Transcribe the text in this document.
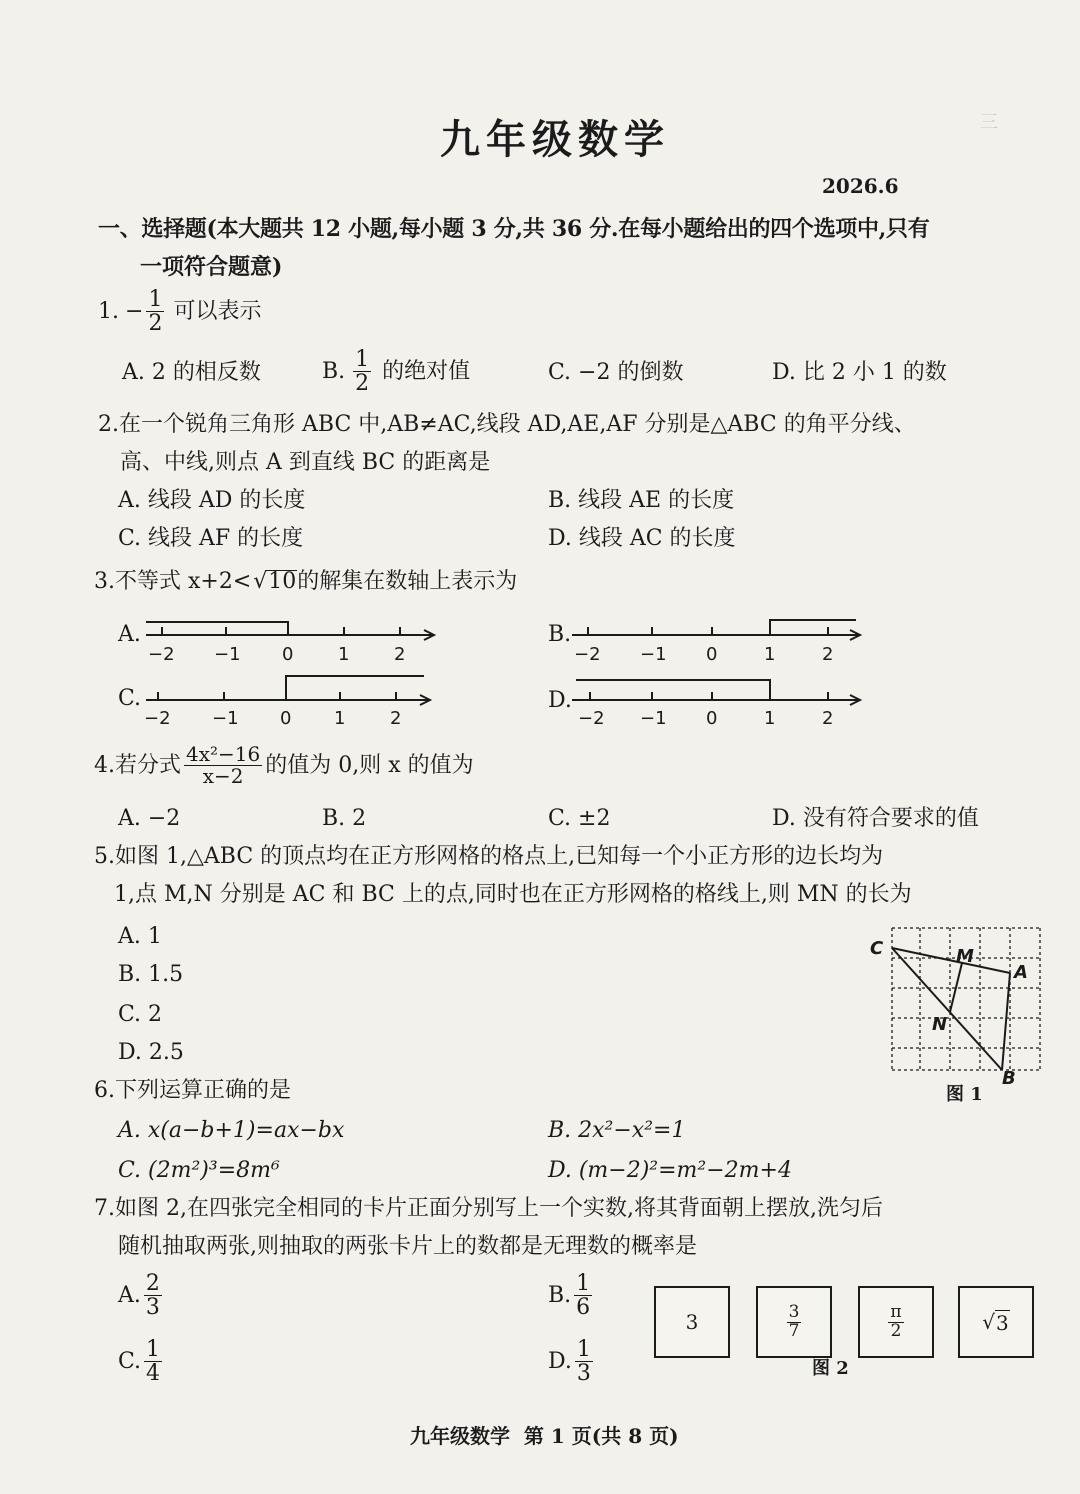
三
九年级数学
2026.6
一、选择题(本大题共 12 小题,每小题 3 分,共 36 分.在每小题给出的四个选项中,只有
一项符合题意)
1. − $\frac{1}{2}$ 可以表示
A. 2 的相反数	B. $\frac{1}{2}$ 的绝对值	C. −2 的倒数	D. 比 2 小 1 的数
2.在一个锐角三角形 ABC 中,AB≠AC,线段 AD,AE,AF 分别是△ABC 的角平分线、
高、中线,则点 A 到直线 BC 的距离是
A. 线段 AD 的长度	B. 线段 AE 的长度
C. 线段 AF 的长度	D. 线段 AC 的长度
3.不等式 x+2< √ 10 的解集在数轴上表示为
−2 −1 0 1 2	−2 −1 0	1	2
−2 −1 0 1 2	−2 −1 0	1	2
A.	B.
C.	D.
4.若分式 $\frac{\text{4x²−16}}{x-2}$ 的值为 0,则 x 的值为
A. −2	B. 2	C. ±2	D. 没有符合要求的值
5.如图 1,△ABC 的顶点均在正方形网格的格点上,已知每一个小正方形的边长均为
1,点 M,N 分别是 AC 和 BC 上的点,同时也在正方形网格的格线上,则 MN 的长为
A. 1
B. 1.5
C. 2
D. 2.5
C	M
A
N
B
图 1
6.下列运算正确的是
A. x(a−b+1)=ax−bx	B. 2x²−x²=1
C. (2m²)³=8m⁶	D. (m−2)²=m²−2m+4
7.如图 2,在四张完全相同的卡片正面分别写上一个实数,将其背面朝上摆放,洗匀后
随机抽取两张,则抽取的两张卡片上的数都是无理数的概率是
A. $\frac{2}{3}$	B. $\frac{1}{6}$
C. $\frac{1}{4}$	D. $\frac{1}{3}$
3	$\frac{3}{7}$	$\frac{\pi}{2}$	√ 3
图 2
九年级数学  第 1 页(共 8 页)
